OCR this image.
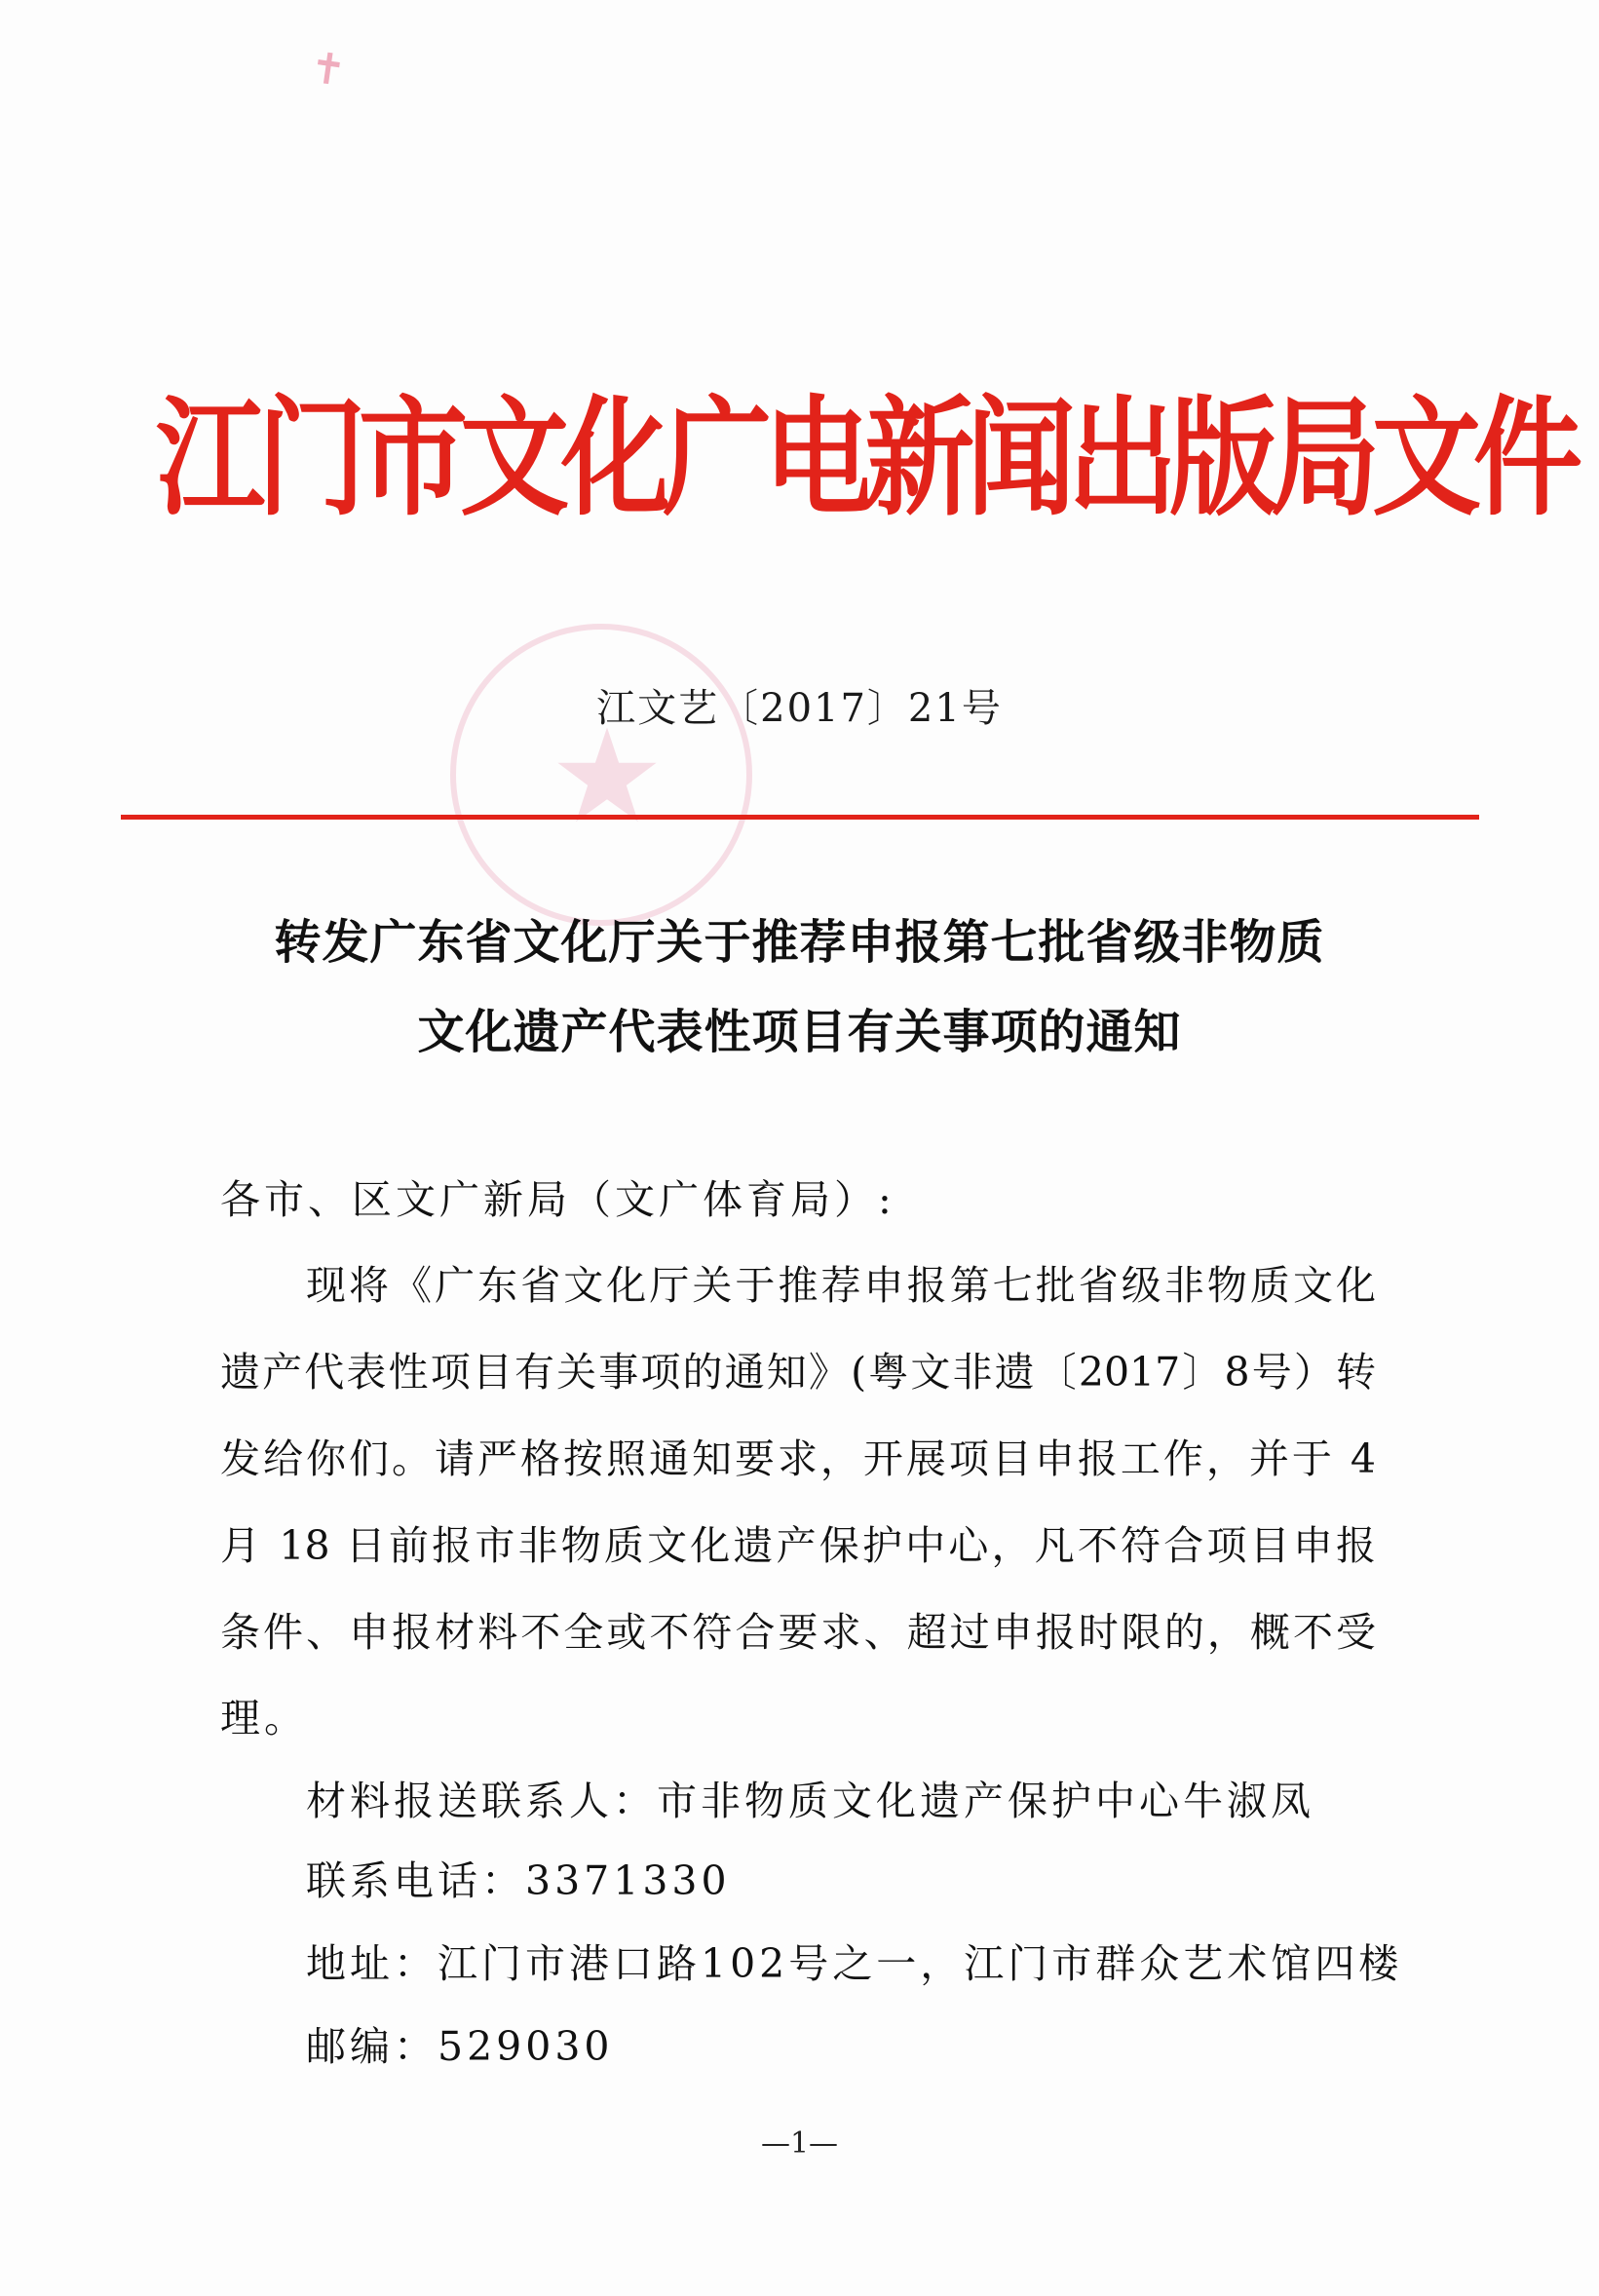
✝
江门市文化广电新闻出版局文件
江文艺〔2017〕21号
转发广东省文化厅关于推荐申报第七批省级非物质
文化遗产代表性项目有关事项的通知
各市、区文广新局（文广体育局）:
现将《广东省文化厅关于推荐申报第七批省级非物质文化
遗产代表性项目有关事项的通知》(粤文非遗〔2017〕8号）转
发给你们。请严格按照通知要求，开展项目申报工作，并于 4
月 18 日前报市非物质文化遗产保护中心，凡不符合项目申报
条件、申报材料不全或不符合要求、超过申报时限的，概不受
理。
材料报送联系人：市非物质文化遗产保护中心牛淑凤
联系电话：3371330
地址：江门市港口路102号之一，江门市群众艺术馆四楼
邮编：529030
—1—
